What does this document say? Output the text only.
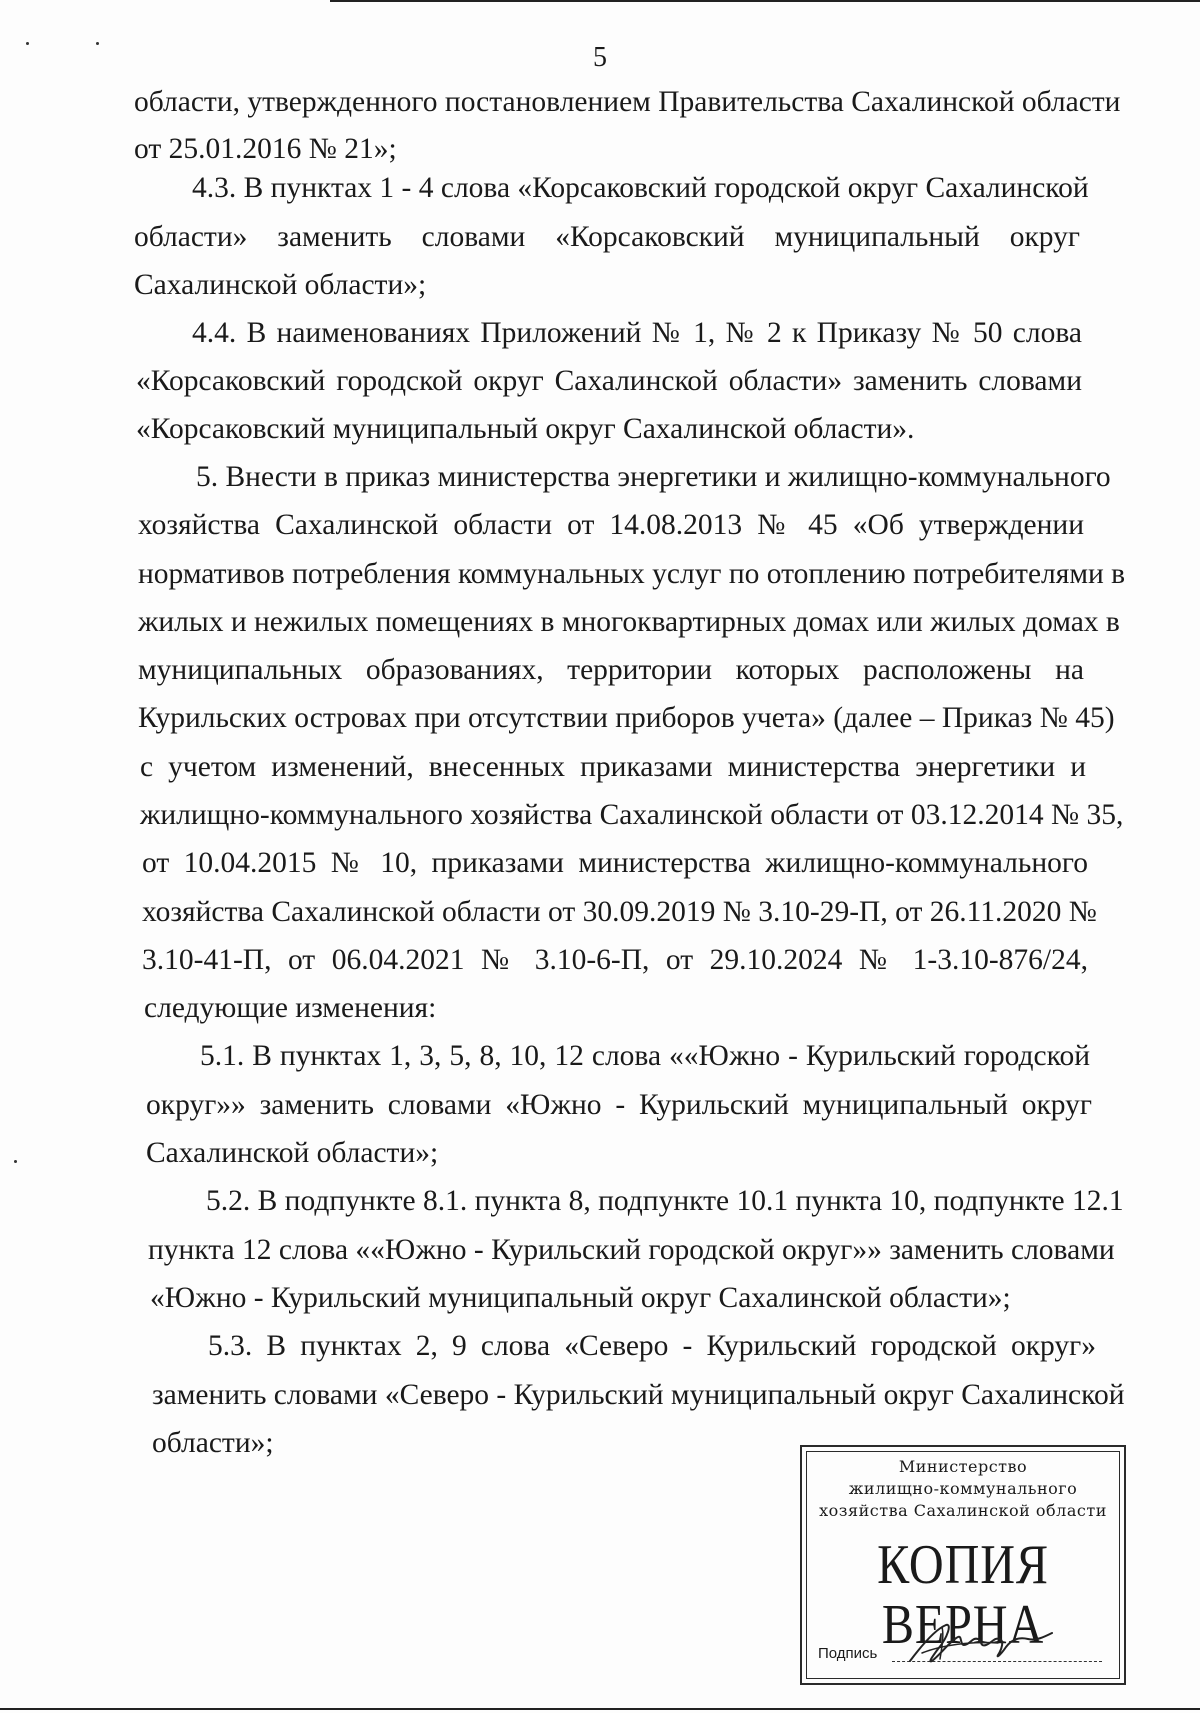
5
области, утвержденного постановлением Правительства Сахалинской области
от 25.01.2016 № 21»;
4.3. В пунктах 1 - 4 слова «Корсаковский городской округ Сахалинской
области» заменить словами «Корсаковский муниципальный округ
Сахалинской области»;
4.4. В наименованиях Приложений № 1, № 2 к Приказу № 50 слова
«Корсаковский городской округ Сахалинской области» заменить словами
«Корсаковский муниципальный округ Сахалинской области».
5. Внести в приказ министерства энергетики и жилищно-коммунального
хозяйства Сахалинской области от 14.08.2013 № 45 «Об утверждении
нормативов потребления коммунальных услуг по отоплению потребителями в
жилых и нежилых помещениях в многоквартирных домах или жилых домах в
муниципальных образованиях, территории которых расположены на
Курильских островах при отсутствии приборов учета» (далее – Приказ № 45)
с учетом изменений, внесенных приказами министерства энергетики и
жилищно-коммунального хозяйства Сахалинской области от 03.12.2014 № 35,
от 10.04.2015 № 10, приказами министерства жилищно-коммунального
хозяйства Сахалинской области от 30.09.2019 № 3.10-29-П, от 26.11.2020 №
3.10-41-П, от 06.04.2021 № 3.10-6-П, от 29.10.2024 № 1-3.10-876/24,
следующие изменения:
5.1. В пунктах 1, 3, 5, 8, 10, 12 слова ««Южно - Курильский городской
округ»» заменить словами «Южно - Курильский муниципальный округ
Сахалинской области»;
5.2. В подпункте 8.1. пункта 8, подпункте 10.1 пункта 10, подпункте 12.1
пункта 12 слова ««Южно - Курильский городской округ»» заменить словами
«Южно - Курильский муниципальный округ Сахалинской области»;
5.3. В пунктах 2, 9 слова «Северо - Курильский городской округ»
заменить словами «Северо - Курильский муниципальный округ Сахалинской
области»;
Министерство
жилищно-коммунального
хозяйства Сахалинской области
КОПИЯ ВЕРНА
Подпись
